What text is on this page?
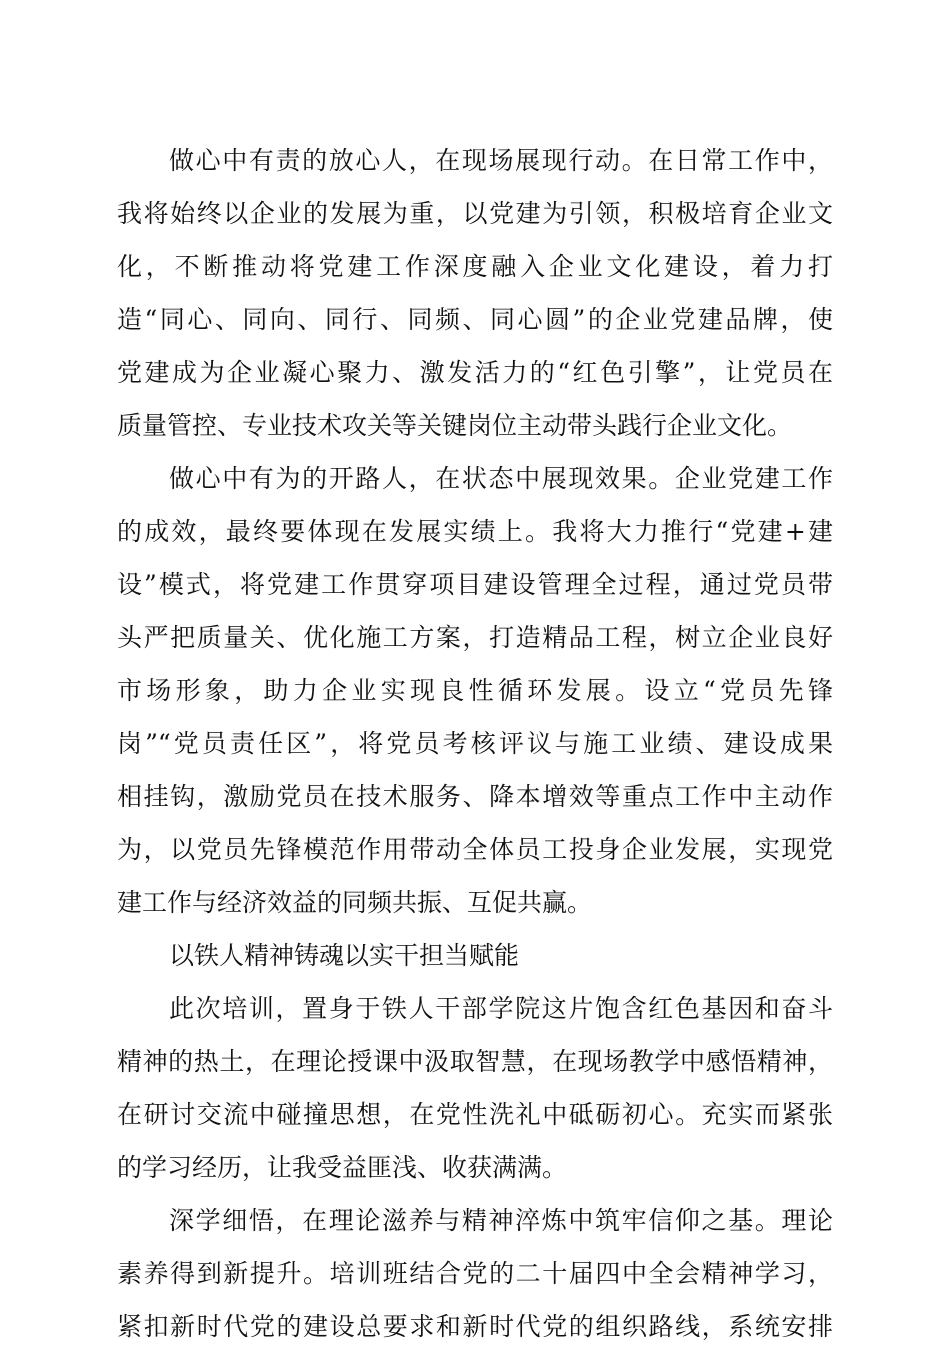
做心中有责的放心人，在现场展现行动。在日常工作中，
我将始终以企业的发展为重，以党建为引领，积极培育企业文
化，不断推动将党建工作深度融入企业文化建设，着力打
造“同心、同向、同行、同频、同心圆”的企业党建品牌，使
党建成为企业凝心聚力、激发活力的“红色引擎”，让党员在
质量管控、专业技术攻关等关键岗位主动带头践行企业文化。
做心中有为的开路人，在状态中展现效果。企业党建工作
的成效，最终要体现在发展实绩上。我将大力推行“党建+建
设”模式，将党建工作贯穿项目建设管理全过程，通过党员带
头严把质量关、优化施工方案，打造精品工程，树立企业良好
市场形象，助力企业实现良性循环发展。设立“党员先锋
岗”“党员责任区”，将党员考核评议与施工业绩、建设成果
相挂钩，激励党员在技术服务、降本增效等重点工作中主动作
为，以党员先锋模范作用带动全体员工投身企业发展，实现党
建工作与经济效益的同频共振、互促共赢。
以铁人精神铸魂以实干担当赋能
此次培训，置身于铁人干部学院这片饱含红色基因和奋斗
精神的热土，在理论授课中汲取智慧，在现场教学中感悟精神，
在研讨交流中碰撞思想，在党性洗礼中砥砺初心。充实而紧张
的学习经历，让我受益匪浅、收获满满。
深学细悟，在理论滋养与精神淬炼中筑牢信仰之基。理论
素养得到新提升。培训班结合党的二十届四中全会精神学习，
紧扣新时代党的建设总要求和新时代党的组织路线，系统安排
